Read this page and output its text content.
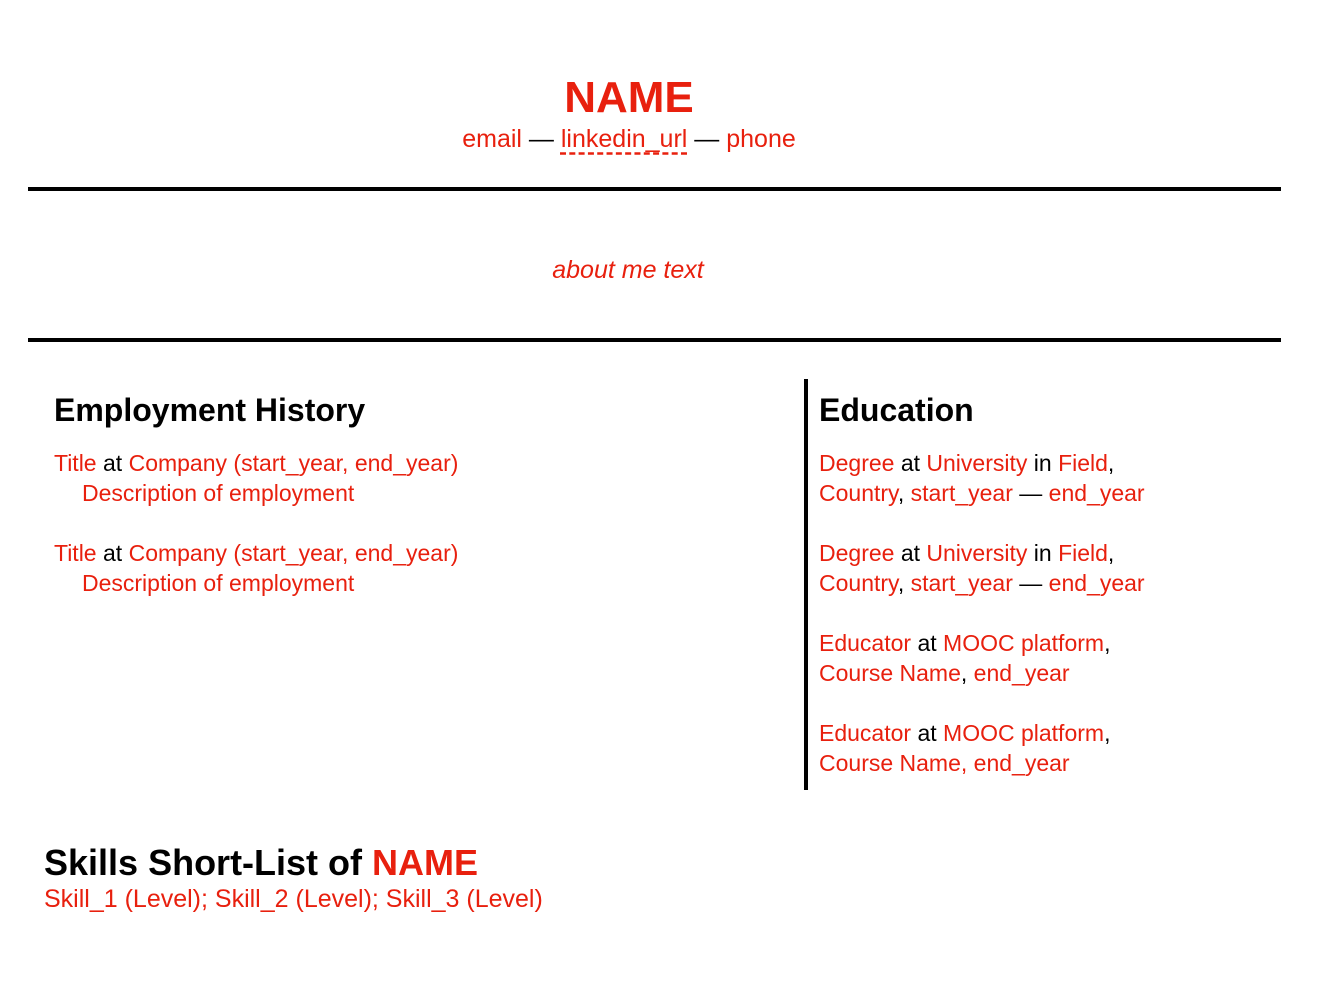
NAME
email — linkedin_url — phone
about me text
Employment History
Title at Company (start_year, end_year)
Description of employment
Title at Company (start_year, end_year)
Description of employment
Education
Degree at University in Field,
Country, start_year — end_year
Degree at University in Field,
Country, start_year — end_year
Educator at MOOC platform,
Course Name, end_year
Educator at MOOC platform,
Course Name, end_year
Skills Short-List of NAME
Skill_1 (Level); Skill_2 (Level); Skill_3 (Level)
